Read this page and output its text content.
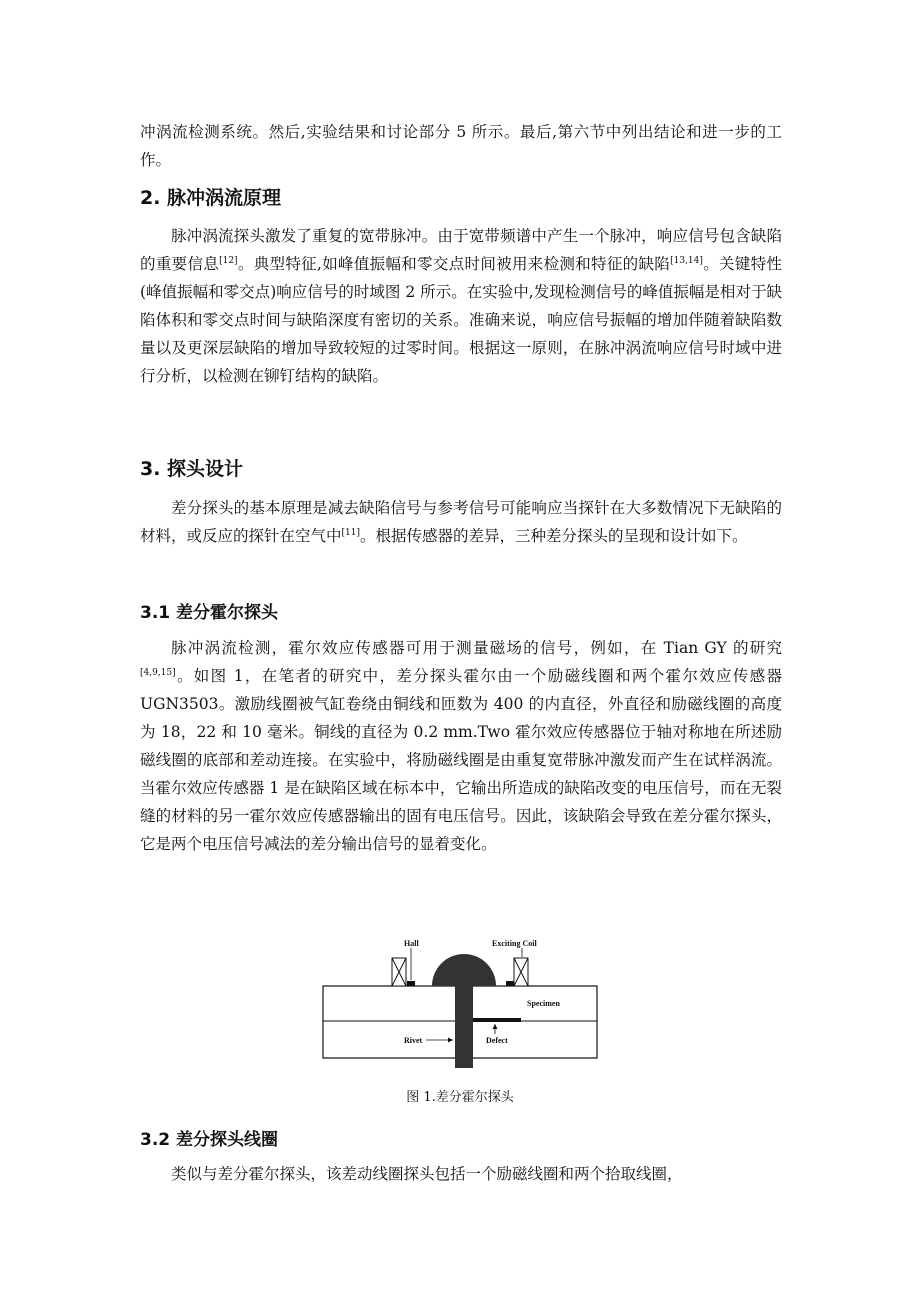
冲涡流检测系统。然后,实验结果和讨论部分 5 所示。最后,第六节中列出结论和进一步的工作。

2. 脉冲涡流原理

脉冲涡流探头激发了重复的宽带脉冲。由于宽带频谱中产生一个脉冲，响应信号包含缺陷的重要信息[12]。典型特征,如峰值振幅和零交点时间被用来检测和特征的缺陷[13,14]。关键特性(峰值振幅和零交点)响应信号的时域图 2 所示。在实验中,发现检测信号的峰值振幅是相对于缺陷体积和零交点时间与缺陷深度有密切的关系。准确来说，响应信号振幅的增加伴随着缺陷数量以及更深层缺陷的增加导致较短的过零时间。根据这一原则，在脉冲涡流响应信号时域中进行分析，以检测在铆钉结构的缺陷。

3. 探头设计

差分探头的基本原理是减去缺陷信号与参考信号可能响应当探针在大多数情况下无缺陷的材料，或反应的探针在空气中[11]。根据传感器的差异，三种差分探头的呈现和设计如下。

3.1 差分霍尔探头

脉冲涡流检测，霍尔效应传感器可用于测量磁场的信号，例如，在 Tian GY 的研究[4,9,15]。如图 1，在笔者的研究中，差分探头霍尔由一个励磁线圈和两个霍尔效应传感器 UGN3503。激励线圈被气缸卷绕由铜线和匝数为 400 的内直径，外直径和励磁线圈的高度为 18，22 和 10 毫米。铜线的直径为 0.2 mm.Two 霍尔效应传感器位于轴对称地在所述励磁线圈的底部和差动连接。在实验中，将励磁线圈是由重复宽带脉冲激发而产生在试样涡流。当霍尔效应传感器 1 是在缺陷区域在标本中，它输出所造成的缺陷改变的电压信号，而在无裂缝的材料的另一霍尔效应传感器输出的固有电压信号。因此，该缺陷会导致在差分霍尔探头，它是两个电压信号减法的差分输出信号的显着变化。

Hall	Exciting Coil
Specimen
Rivet	Defect
图 1.差分霍尔探头
3.2 差分探头线圈

类似与差分霍尔探头，该差动线圈探头包括一个励磁线圈和两个拾取线圈，
